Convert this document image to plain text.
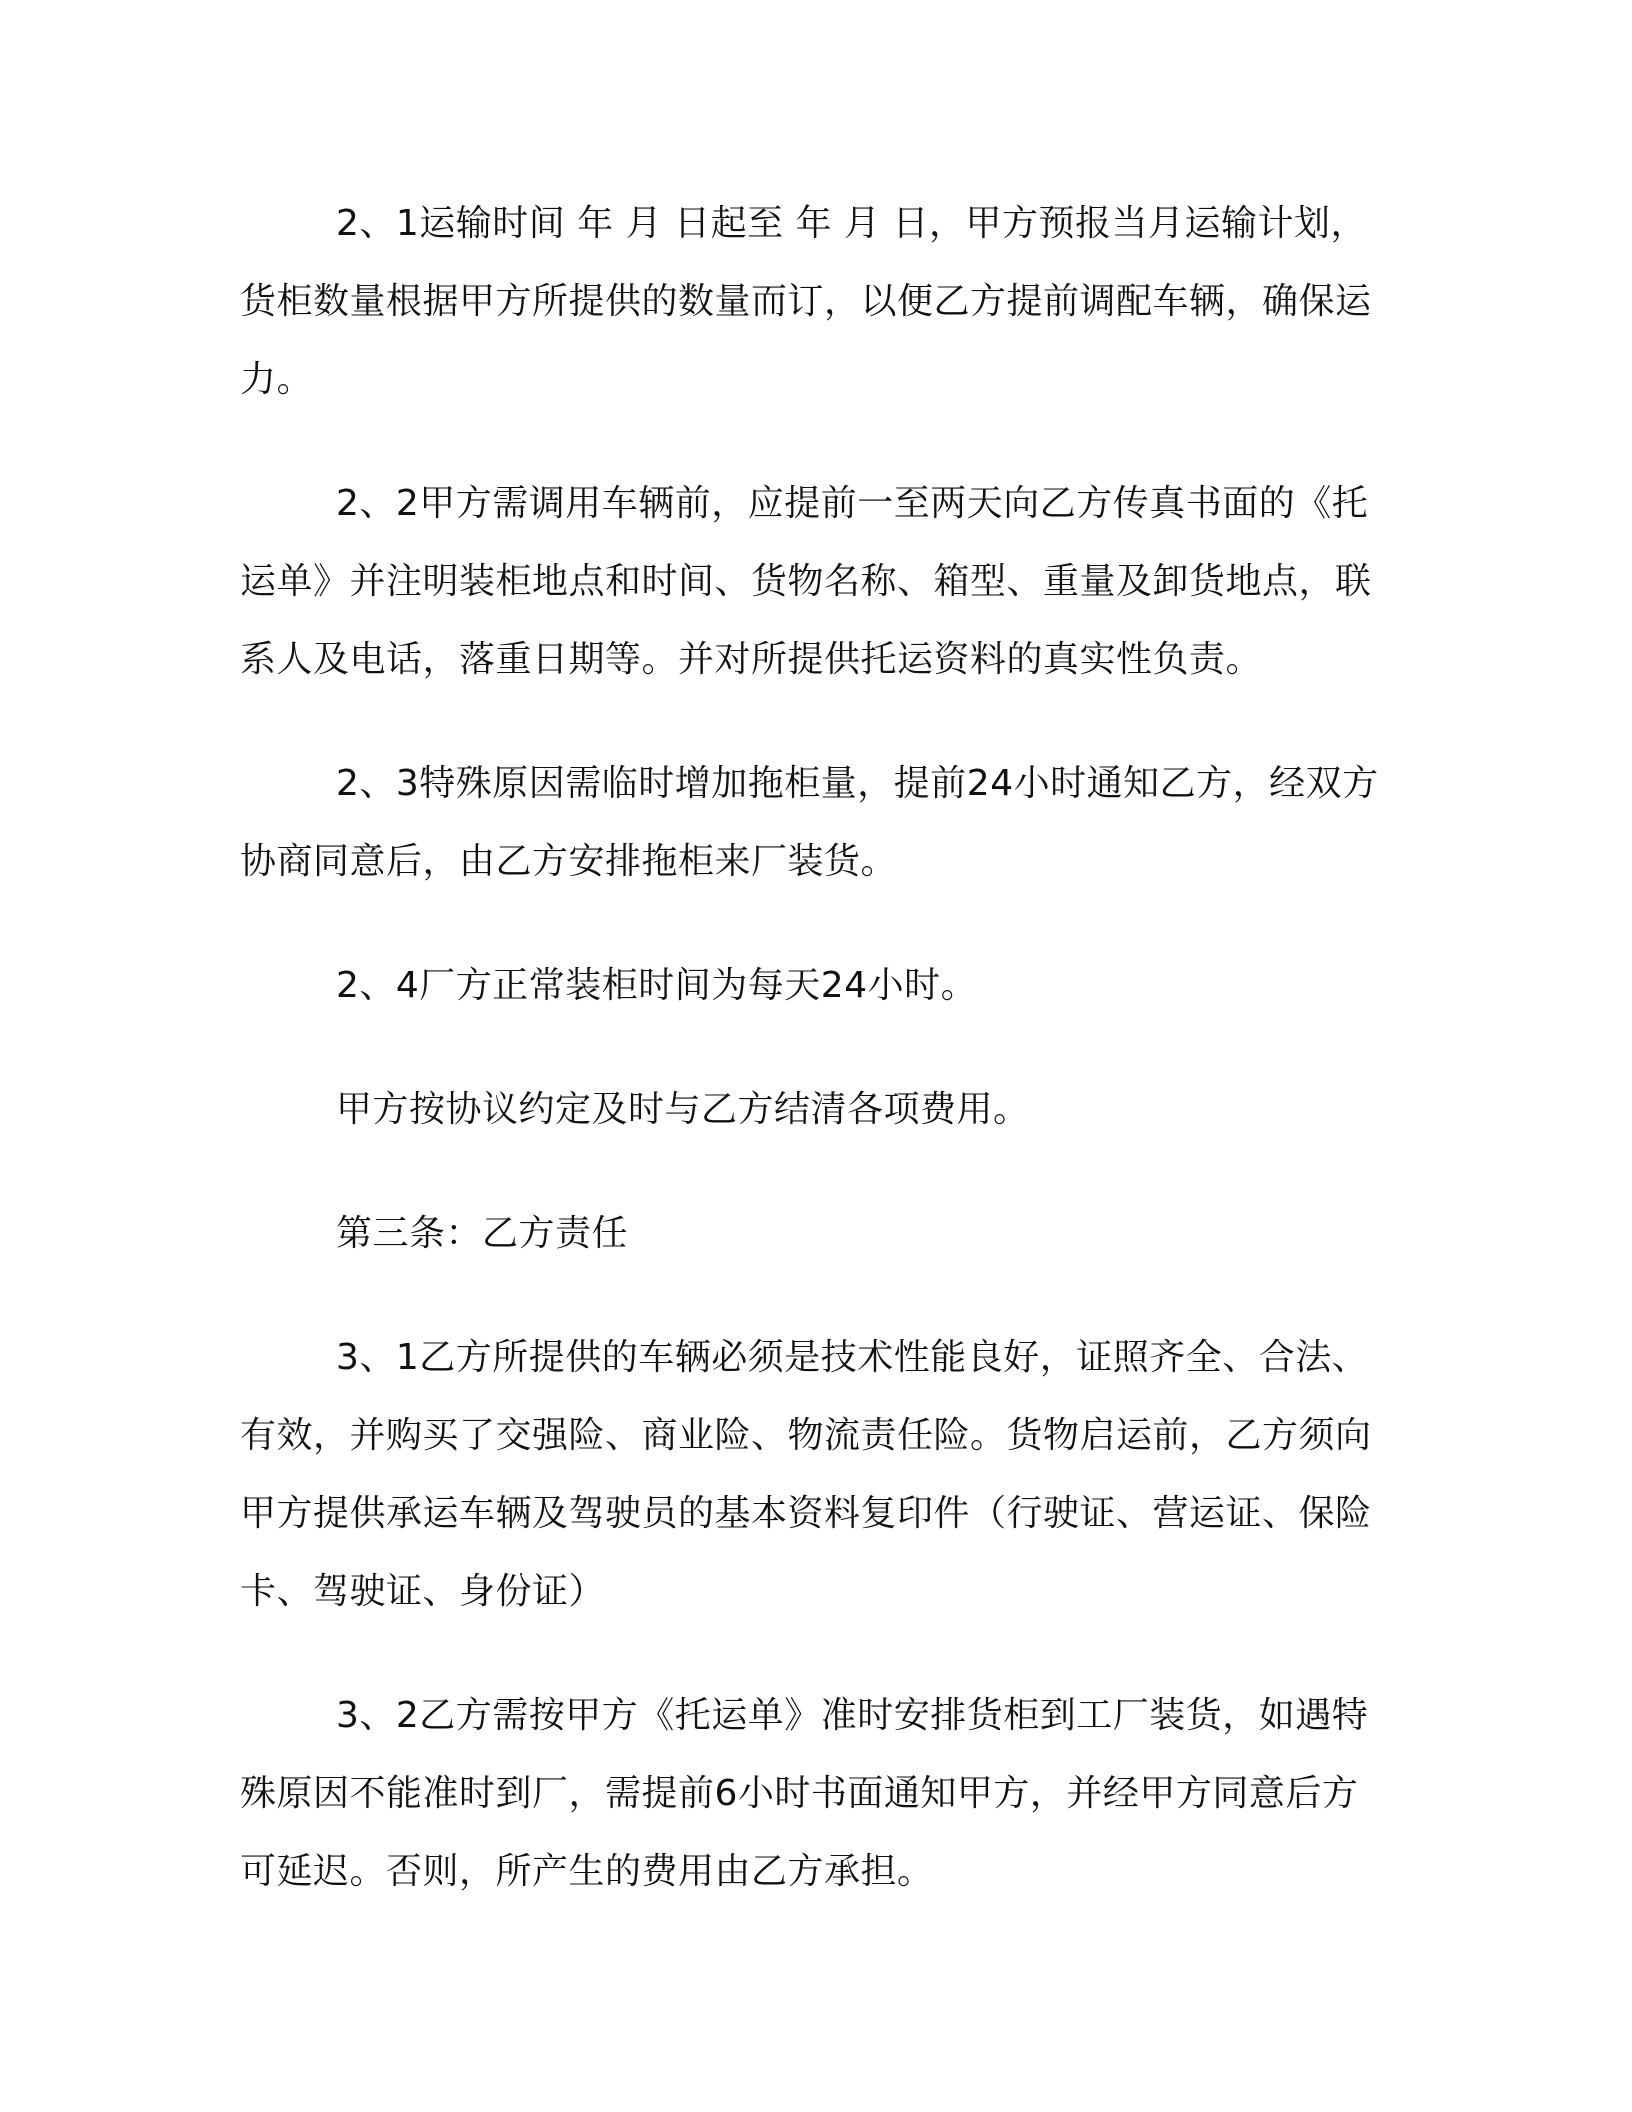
2、1运输时间 年 月 日起至 年 月 日，甲方预报当月运输计划，货柜数量根据甲方所提供的数量而订，以便乙方提前调配车辆，确保运力。

2、2甲方需调用车辆前，应提前一至两天向乙方传真书面的《托运单》并注明装柜地点和时间、货物名称、箱型、重量及卸货地点，联系人及电话，落重日期等。并对所提供托运资料的真实性负责。

2、3特殊原因需临时增加拖柜量，提前24小时通知乙方，经双方协商同意后，由乙方安排拖柜来厂装货。

2、4厂方正常装柜时间为每天24小时。

甲方按协议约定及时与乙方结清各项费用。

第三条：乙方责任

3、1乙方所提供的车辆必须是技术性能良好，证照齐全、合法、有效，并购买了交强险、商业险、物流责任险。货物启运前，乙方须向甲方提供承运车辆及驾驶员的基本资料复印件（行驶证、营运证、保险卡、驾驶证、身份证）

3、2乙方需按甲方《托运单》准时安排货柜到工厂装货，如遇特殊原因不能准时到厂，需提前6小时书面通知甲方，并经甲方同意后方可延迟。否则，所产生的费用由乙方承担。
